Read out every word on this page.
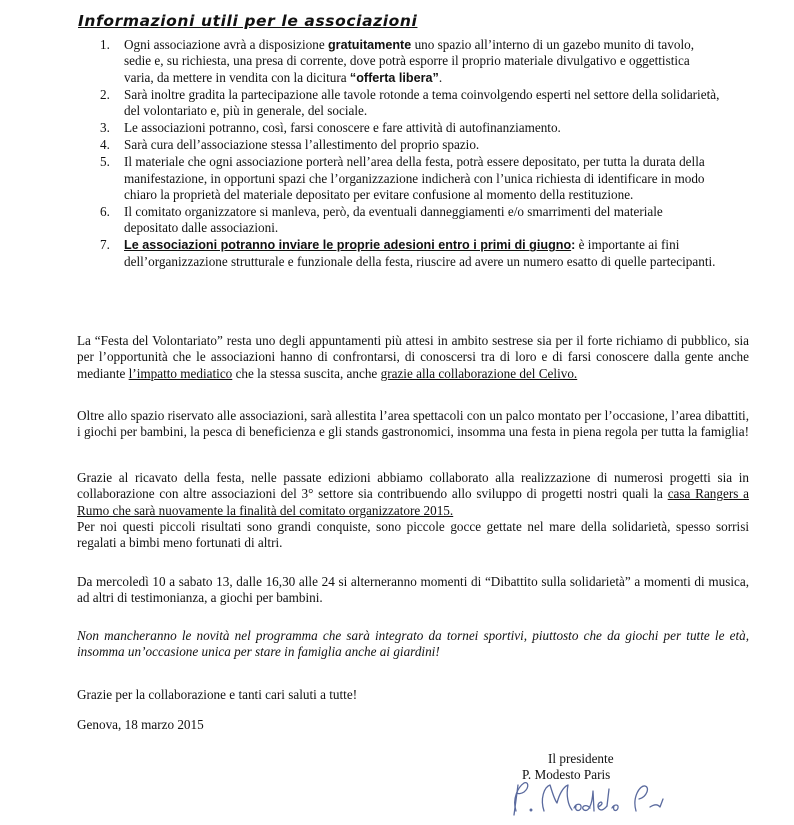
Informazioni utili per le associazioni
1. Ogni associazione avrà a disposizione gratuitamente uno spazio all’interno di un gazebo munito di tavolo, sedie e, su richiesta, una presa di corrente, dove potrà esporre il proprio materiale divulgativo e oggettistica varia, da mettere in vendita con la dicitura “offerta libera”.
2. Sarà inoltre gradita la partecipazione alle tavole rotonde a tema coinvolgendo esperti nel settore della solidarietà, del volontariato e, più in generale, del sociale.
3. Le associazioni potranno, così, farsi conoscere e fare attività di autofinanziamento.
4. Sarà cura dell’associazione stessa l’allestimento del proprio spazio.
5. Il materiale che ogni associazione porterà nell’area della festa, potrà essere depositato, per tutta la durata della manifestazione, in opportuni spazi che l’organizzazione indicherà con l’unica richiesta di identificare in modo chiaro la proprietà del materiale depositato per evitare confusione al momento della restituzione.
6. Il comitato organizzatore si manleva, però, da eventuali danneggiamenti e/o smarrimenti del materiale depositato dalle associazioni.
7. Le associazioni potranno inviare le proprie adesioni entro i primi di giugno: è importante ai fini dell’organizzazione strutturale e funzionale della festa, riuscire ad avere un numero esatto di quelle partecipanti.

La “Festa del Volontariato” resta uno degli appuntamenti più attesi in ambito sestrese sia per il forte richiamo di pubblico, sia per l’opportunità che le associazioni hanno di confrontarsi, di conoscersi tra di loro e di farsi conoscere dalla gente anche mediante l’impatto mediatico che la stessa suscita, anche grazie alla collaborazione del Celivo.

Oltre allo spazio riservato alle associazioni, sarà allestita l’area spettacoli con un palco montato per l’occasione, l’area dibattiti, i giochi per bambini, la pesca di beneficienza e gli stands gastronomici, insomma una festa in piena regola per tutta la famiglia!

Grazie al ricavato della festa, nelle passate edizioni abbiamo collaborato alla realizzazione di numerosi progetti sia in collaborazione con altre associazioni del 3° settore sia contribuendo allo sviluppo di progetti nostri quali la casa Rangers a Rumo che sarà nuovamente la finalità del comitato organizzatore 2015.

Per noi questi piccoli risultati sono grandi conquiste, sono piccole gocce gettate nel mare della solidarietà, spesso sorrisi regalati a bimbi meno fortunati di altri.

Da mercoledì 10 a sabato 13, dalle 16,30 alle 24 si alterneranno momenti di “Dibattito sulla solidarietà” a momenti di musica, ad altri di testimonianza, a giochi per bambini.

Non mancheranno le novità nel programma che sarà integrato da tornei sportivi, piuttosto che da giochi per tutte le età, insomma un’occasione unica per stare in famiglia anche ai giardini!

Grazie per la collaborazione e tanti cari saluti a tutte!

Genova, 18 marzo 2015

Il presidente
P. Modesto Paris
